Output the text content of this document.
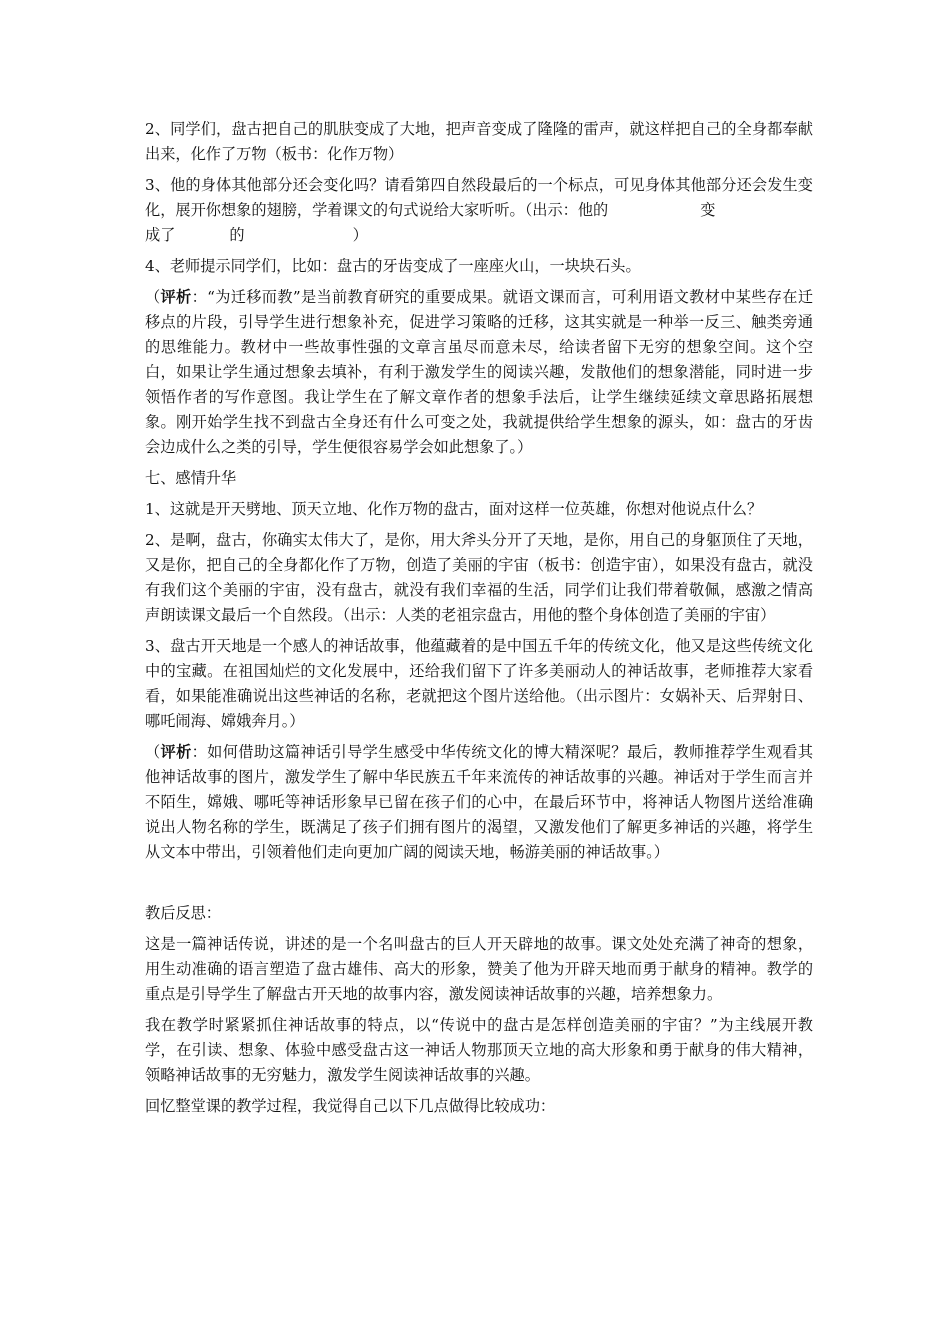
2、同学们，盘古把自己的肌肤变成了大地，把声音变成了隆隆的雷声，就这样把自己的全身都奉献出来，化作了万物（板书：化作万物）

3、他的身体其他部分还会变化吗？请看第四自然段最后的一个标点，可见身体其他部分还会发生变化，展开你想象的翅膀，学着课文的句式说给大家听听。（出示：他的	变
成了	的	）

4、老师提示同学们，比如：盘古的牙齿变成了一座座火山，一块块石头。

（评析：“为迁移而教”是当前教育研究的重要成果。就语文课而言，可利用语文教材中某些存在迁移点的片段，引导学生进行想象补充，促进学习策略的迁移，这其实就是一种举一反三、触类旁通的思维能力。教材中一些故事性强的文章言虽尽而意未尽，给读者留下无穷的想象空间。这个空白，如果让学生通过想象去填补，有利于激发学生的阅读兴趣，发散他们的想象潜能，同时进一步领悟作者的写作意图。我让学生在了解文章作者的想象手法后，让学生继续延续文章思路拓展想象。刚开始学生找不到盘古全身还有什么可变之处，我就提供给学生想象的源头，如：盘古的牙齿会边成什么之类的引导，学生便很容易学会如此想象了。）

七、感情升华

1、这就是开天劈地、顶天立地、化作万物的盘古，面对这样一位英雄，你想对他说点什么？

2、是啊，盘古，你确实太伟大了，是你，用大斧头分开了天地，是你，用自己的身躯顶住了天地，又是你，把自己的全身都化作了万物，创造了美丽的宇宙（板书：创造宇宙），如果没有盘古，就没有我们这个美丽的宇宙，没有盘古，就没有我们幸福的生活，同学们让我们带着敬佩，感激之情高声朗读课文最后一个自然段。（出示：人类的老祖宗盘古，用他的整个身体创造了美丽的宇宙）

3、盘古开天地是一个感人的神话故事，他蕴藏着的是中国五千年的传统文化，他又是这些传统文化中的宝藏。在祖国灿烂的文化发展中，还给我们留下了许多美丽动人的神话故事，老师推荐大家看看，如果能准确说出这些神话的名称，老就把这个图片送给他。（出示图片：女娲补天、后羿射日、哪吒闹海、嫦娥奔月。）

（评析：如何借助这篇神话引导学生感受中华传统文化的博大精深呢？最后，教师推荐学生观看其他神话故事的图片，激发学生了解中华民族五千年来流传的神话故事的兴趣。神话对于学生而言并不陌生，嫦娥、哪吒等神话形象早已留在孩子们的心中，在最后环节中，将神话人物图片送给准确说出人物名称的学生，既满足了孩子们拥有图片的渴望，又激发他们了解更多神话的兴趣，将学生从文本中带出，引领着他们走向更加广阔的阅读天地，畅游美丽的神话故事。）

教后反思：

这是一篇神话传说，讲述的是一个名叫盘古的巨人开天辟地的故事。课文处处充满了神奇的想象，用生动准确的语言塑造了盘古雄伟、高大的形象，赞美了他为开辟天地而勇于献身的精神。教学的重点是引导学生了解盘古开天地的故事内容，激发阅读神话故事的兴趣，培养想象力。

我在教学时紧紧抓住神话故事的特点，以“传说中的盘古是怎样创造美丽的宇宙？”为主线展开教学，在引读、想象、体验中感受盘古这一神话人物那顶天立地的高大形象和勇于献身的伟大精神，领略神话故事的无穷魅力，激发学生阅读神话故事的兴趣。

回忆整堂课的教学过程，我觉得自己以下几点做得比较成功：
